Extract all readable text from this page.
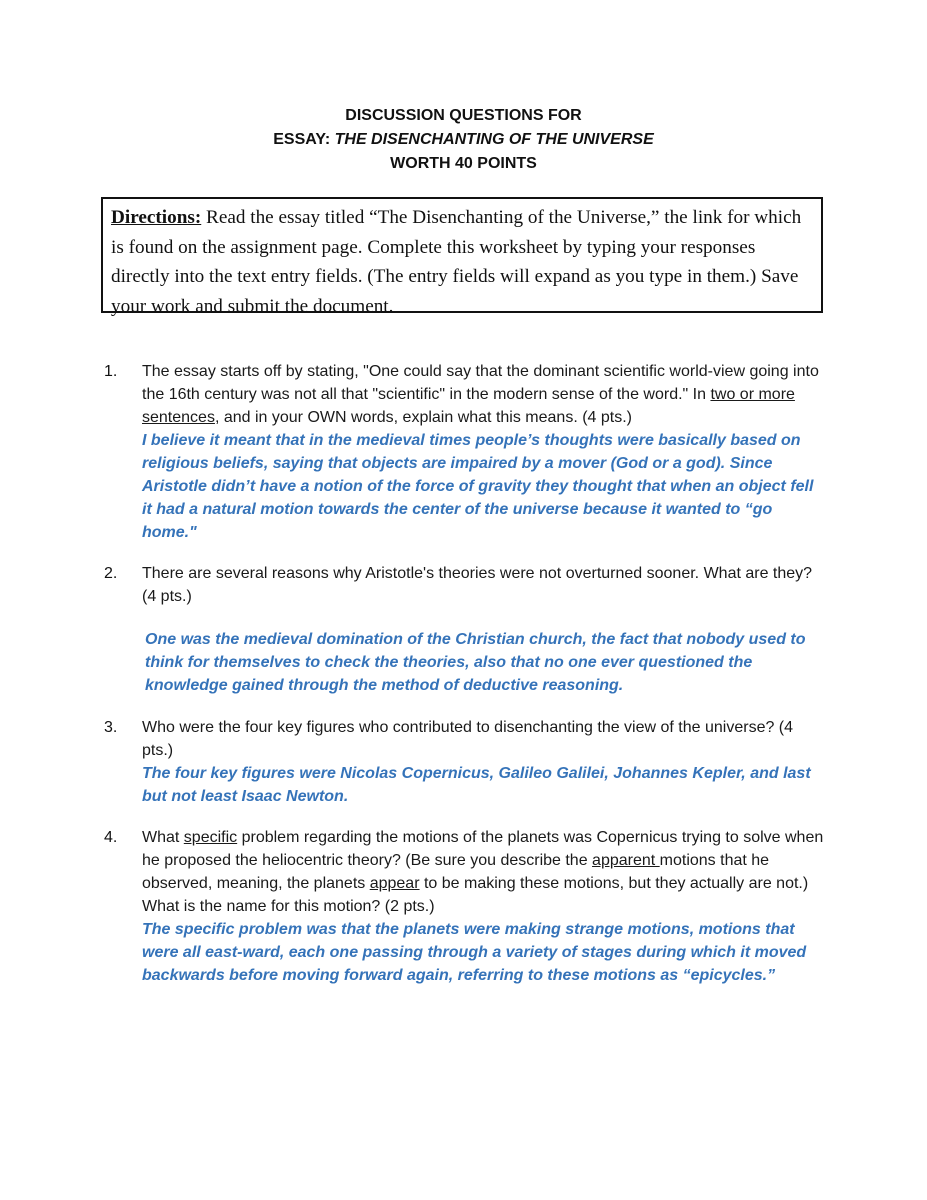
DISCUSSION QUESTIONS FOR
ESSAY: THE DISENCHANTING OF THE UNIVERSE
WORTH 40 POINTS
Directions: Read the essay titled “The Disenchanting of the Universe,” the link for which is found on the assignment page. Complete this worksheet by typing your responses directly into the text entry fields. (The entry fields will expand as you type in them.) Save your work and submit the document.
1.	The essay starts off by stating, "One could say that the dominant scientific world-view going into the 16th century was not all that "scientific" in the modern sense of the word." In two or more sentences, and in your OWN words, explain what this means. (4 pts.)
I believe it meant that in the medieval times people’s thoughts were basically based on religious beliefs, saying that objects are impaired by a mover (God or a god). Since Aristotle didn’t have a notion of the force of gravity they thought that when an object fell it had a natural motion towards the center of the universe because it wanted to “go home."
2.	There are several reasons why Aristotle's theories were not overturned sooner. What are they? (4 pts.)
One was the medieval domination of the Christian church, the fact that nobody used to think for themselves to check the theories, also that no one ever questioned the knowledge gained through the method of deductive reasoning.
3.	Who were the four key figures who contributed to disenchanting the view of the universe? (4 pts.)
The four key figures were Nicolas Copernicus, Galileo Galilei, Johannes Kepler, and last but not least Isaac Newton.
4.	What specific problem regarding the motions of the planets was Copernicus trying to solve when he proposed the heliocentric theory? (Be sure you describe the apparent motions that he observed, meaning, the planets appear to be making these motions, but they actually are not.) What is the name for this motion? (2 pts.)
The specific problem was that the planets were making strange motions, motions that were all east-ward, each one passing through a variety of stages during which it moved backwards before moving forward again, referring to these motions as “epicycles.”
